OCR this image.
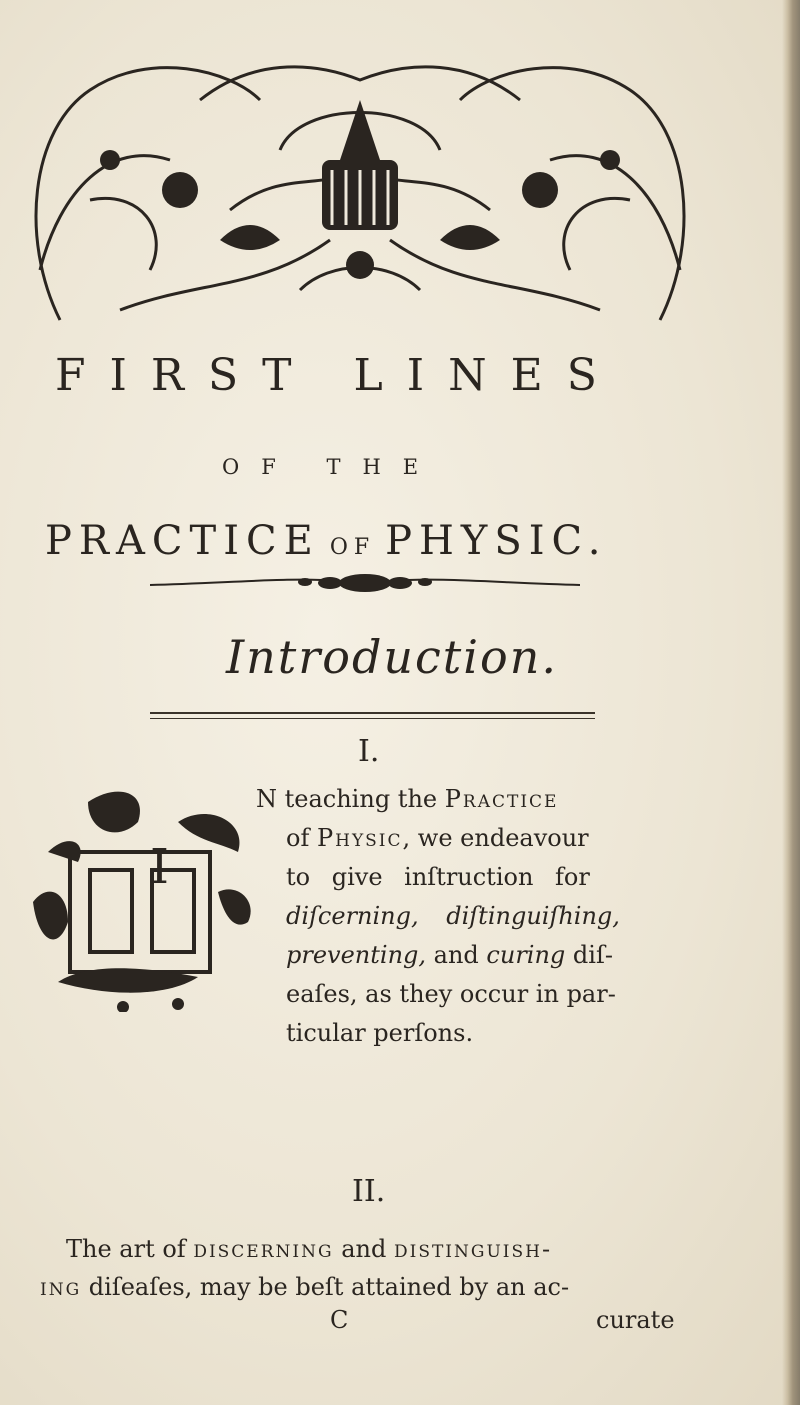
FIRST LINES
OF THE
PRACTICE OF PHYSIC.
Introduction.
I.
I
N teaching the Practice
of Physic, we endeavour
to give inſtruction for
diſcerning, diſtinguiſhing,
preventing, and curing diſ-
eaſes, as they occur in par-
ticular perſons.
II.
The art of discerning and distinguish-
ing diſeaſes, may be beſt attained by an ac-
C	curate
